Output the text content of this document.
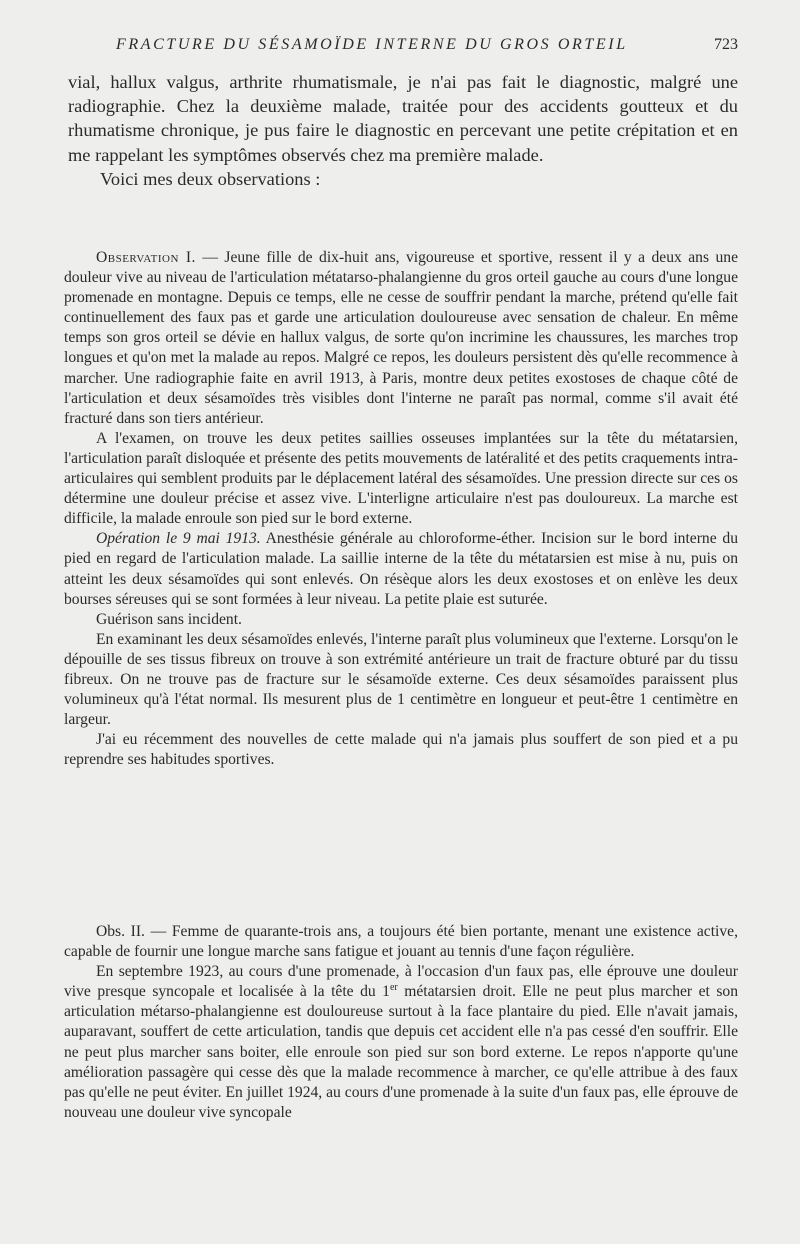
FRACTURE DU SÉSAMOÏDE INTERNE DU GROS ORTEIL	723

vial, hallux valgus, arthrite rhumatismale, je n'ai pas fait le diagnostic, malgré une radiographie. Chez la deuxième malade, traitée pour des accidents goutteux et du rhumatisme chronique, je pus faire le diagnostic en percevant une petite crépitation et en me rappelant les symptômes observés chez ma première malade.

Voici mes deux observations :

Observation I. — Jeune fille de dix-huit ans, vigoureuse et sportive, ressent il y a deux ans une douleur vive au niveau de l'articulation métatarso-phalangienne du gros orteil gauche au cours d'une longue promenade en montagne. Depuis ce temps, elle ne cesse de souffrir pendant la marche, prétend qu'elle fait continuellement des faux pas et garde une articulation douloureuse avec sensation de chaleur. En même temps son gros orteil se dévie en hallux valgus, de sorte qu'on incrimine les chaussures, les marches trop longues et qu'on met la malade au repos. Malgré ce repos, les douleurs persistent dès qu'elle recommence à marcher. Une radiographie faite en avril 1913, à Paris, montre deux petites exostoses de chaque côté de l'articulation et deux sésamoïdes très visibles dont l'interne ne paraît pas normal, comme s'il avait été fracturé dans son tiers antérieur.

A l'examen, on trouve les deux petites saillies osseuses implantées sur la tête du métatarsien, l'articulation paraît disloquée et présente des petits mouvements de latéralité et des petits craquements intra-articulaires qui semblent produits par le déplacement latéral des sésamoïdes. Une pression directe sur ces os détermine une douleur précise et assez vive. L'interligne articulaire n'est pas douloureux. La marche est difficile, la malade enroule son pied sur le bord externe.

Opération le 9 mai 1913. Anesthésie générale au chloroforme-éther. Incision sur le bord interne du pied en regard de l'articulation malade. La saillie interne de la tête du métatarsien est mise à nu, puis on atteint les deux sésamoïdes qui sont enlevés. On résèque alors les deux exostoses et on enlève les deux bourses séreuses qui se sont formées à leur niveau. La petite plaie est suturée.

Guérison sans incident.

En examinant les deux sésamoïdes enlevés, l'interne paraît plus volumineux que l'externe. Lorsqu'on le dépouille de ses tissus fibreux on trouve à son extrémité antérieure un trait de fracture obturé par du tissu fibreux. On ne trouve pas de fracture sur le sésamoïde externe. Ces deux sésamoïdes paraissent plus volumineux qu'à l'état normal. Ils mesurent plus de 1 centimètre en longueur et peut-être 1 centimètre en largeur.

J'ai eu récemment des nouvelles de cette malade qui n'a jamais plus souffert de son pied et a pu reprendre ses habitudes sportives.

Obs. II. — Femme de quarante-trois ans, a toujours été bien portante, menant une existence active, capable de fournir une longue marche sans fatigue et jouant au tennis d'une façon régulière.

En septembre 1923, au cours d'une promenade, à l'occasion d'un faux pas, elle éprouve une douleur vive presque syncopale et localisée à la tête du 1er métatarsien droit. Elle ne peut plus marcher et son articulation métarso-phalangienne est douloureuse surtout à la face plantaire du pied. Elle n'avait jamais, auparavant, souffert de cette articulation, tandis que depuis cet accident elle n'a pas cessé d'en souffrir. Elle ne peut plus marcher sans boiter, elle enroule son pied sur son bord externe. Le repos n'apporte qu'une amélioration passagère qui cesse dès que la malade recommence à marcher, ce qu'elle attribue à des faux pas qu'elle ne peut éviter. En juillet 1924, au cours d'une promenade à la suite d'un faux pas, elle éprouve de nouveau une douleur vive syncopale
